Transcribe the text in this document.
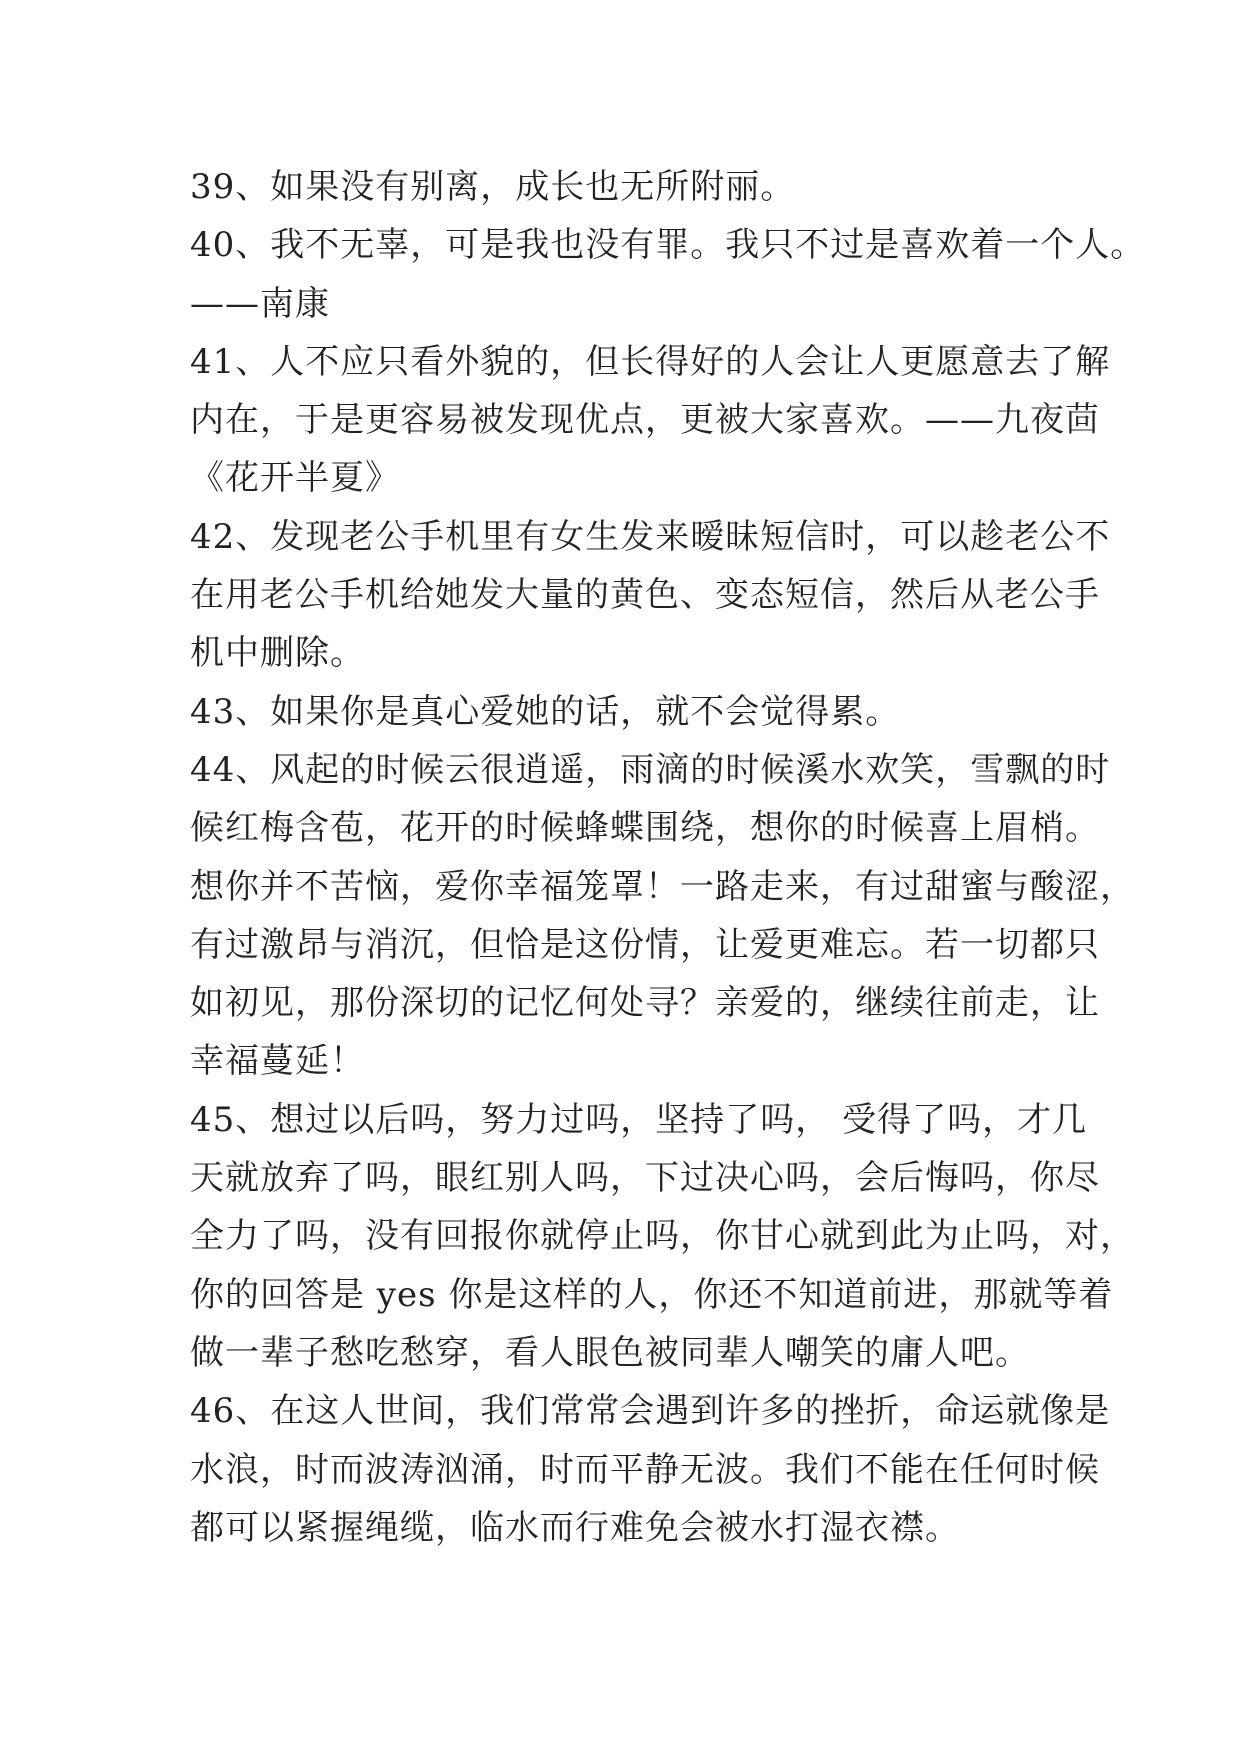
39、如果没有别离，成长也无所附丽。
40、我不无辜，可是我也没有罪。我只不过是喜欢着一个人。
——南康
41、人不应只看外貌的，但长得好的人会让人更愿意去了解
内在，于是更容易被发现优点，更被大家喜欢。——九夜茴
《花开半夏》
42、发现老公手机里有女生发来暧昧短信时，可以趁老公不
在用老公手机给她发大量的黄色、变态短信，然后从老公手
机中删除。
43、如果你是真心爱她的话，就不会觉得累。
44、风起的时候云很逍遥，雨滴的时候溪水欢笑，雪飘的时
候红梅含苞，花开的时候蜂蝶围绕，想你的时候喜上眉梢。
想你并不苦恼，爱你幸福笼罩！一路走来，有过甜蜜与酸涩，
有过激昂与消沉，但恰是这份情，让爱更难忘。若一切都只
如初见，那份深切的记忆何处寻？亲爱的，继续往前走，让
幸福蔓延！
45、想过以后吗，努力过吗，坚持了吗， 受得了吗，才几
天就放弃了吗，眼红别人吗，下过决心吗，会后悔吗，你尽
全力了吗，没有回报你就停止吗，你甘心就到此为止吗，对，
你的回答是 yes 你是这样的人，你还不知道前进，那就等着
做一辈子愁吃愁穿，看人眼色被同辈人嘲笑的庸人吧。
46、在这人世间，我们常常会遇到许多的挫折，命运就像是
水浪，时而波涛汹涌，时而平静无波。我们不能在任何时候
都可以紧握绳缆，临水而行难免会被水打湿衣襟。
